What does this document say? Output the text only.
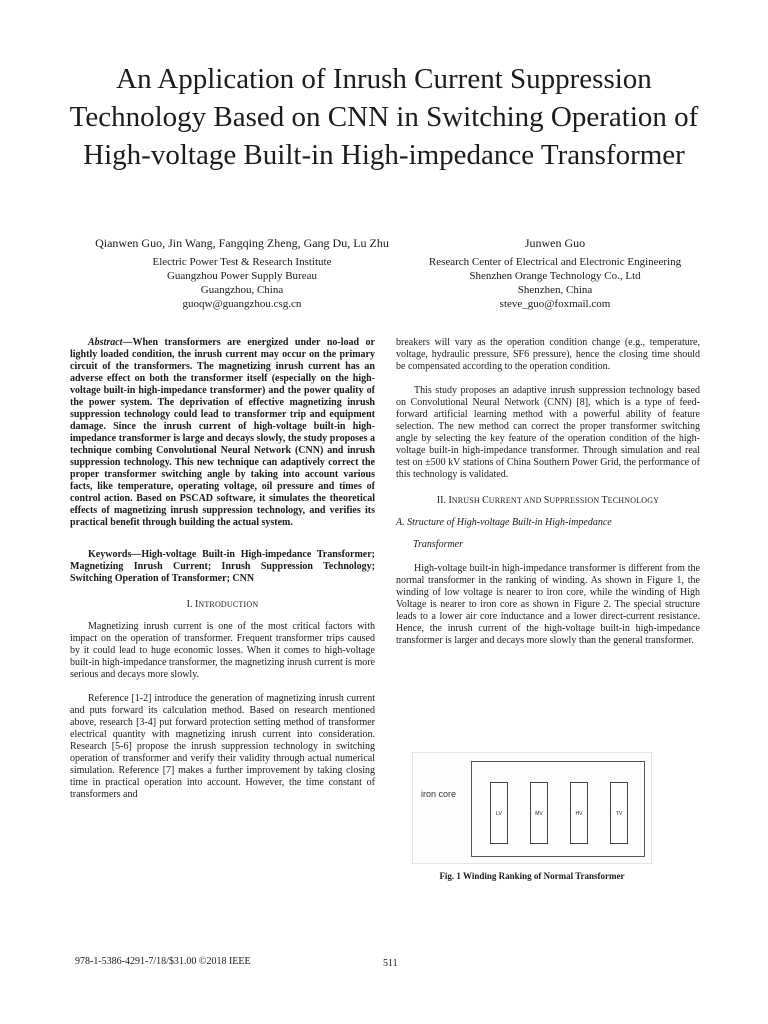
An Application of Inrush Current Suppression Technology Based on CNN in Switching Operation of High-voltage Built-in High-impedance Transformer
Qianwen Guo, Jin Wang, Fangqing Zheng, Gang Du, Lu Zhu
Electric Power Test & Research Institute
Guangzhou Power Supply Bureau
Guangzhou, China
guoqw@guangzhou.csg.cn
Junwen Guo
Research Center of Electrical and Electronic Engineering
Shenzhen Orange Technology Co., Ltd
Shenzhen, China
steve_guo@foxmail.com

Abstract—When transformers are energized under no-load or lightly loaded condition, the inrush current may occur on the primary circuit of the transformers. The magnetizing inrush current has an adverse effect on both the transformer itself (especially on the high-voltage built-in high-impedance transformer) and the power quality of the power system. The deprivation of effective magnetizing inrush suppression technology could lead to transformer trip and equipment damage. Since the inrush current of high-voltage built-in high-impedance transformer is large and decays slowly, the study proposes a technique combing Convolutional Neural Network (CNN) and inrush suppression technology. This new technique can adaptively correct the proper transformer switching angle by taking into account various facts, like temperature, operating voltage, oil pressure and times of control action. Based on PSCAD software, it simulates the theoretical effects of magnetizing inrush suppression technology, and verifies its practical benefit through building the actual system.

Keywords—High-voltage Built-in High-impedance Transformer; Magnetizing Inrush Current; Inrush Suppression Technology; Switching Operation of Transformer; CNN

I. INTRODUCTION

Magnetizing inrush current is one of the most critical factors with impact on the operation of transformer. Frequent transformer trips caused by it could lead to huge economic losses. When it comes to high-voltage built-in high-impedance transformer, the magnetizing inrush current is more serious and decays more slowly.

Reference [1-2] introduce the generation of magnetizing inrush current and puts forward its calculation method. Based on research mentioned above, research [3-4] put forward protection setting method of transformer electrical quantity with magnetizing inrush current into consideration. Research [5-6] propose the inrush suppression technology in switching operation of transformer and verify their validity through actual numerical simulation. Reference [7] makes a further improvement by taking closing time in practical operation into account. However, the time constant of transformers and

breakers will vary as the operation condition change (e.g., temperature, voltage, hydraulic pressure, SF6 pressure), hence the closing time should be compensated according to the operation condition.

This study proposes an adaptive inrush suppression technology based on Convolutional Neural Network (CNN) [8], which is a type of feed-forward artificial learning method with a powerful ability of feature selection. The new method can correct the proper transformer switching angle by selecting the key feature of the operation condition of the high-voltage built-in high-impedance transformer. Through simulation and real test on ±500 kV stations of China Southern Power Grid, the performance of this technology is validated.

II. INRUSH CURRENT AND SUPPRESSION TECHNOLOGY

A. Structure of High-voltage Built-in High-impedance

Transformer

High-voltage built-in high-impedance transformer is different from the normal transformer in the ranking of winding. As shown in Figure 1, the winding of low voltage is nearer to iron core, while the winding of High Voltage is nearer to iron core as shown in Figure 2. The special structure leads to a lower air core inductance and a lower direct-current resistance. Hence, the inrush current of the high-voltage built-in high-impedance transformer is larger and decays more slowly than the general transformer.

iron core
LV	MV	HV	TV
Fig. 1 Winding Ranking of Normal Transformer
978-1-5386-4291-7/18/$31.00 ©2018 IEEE	511
